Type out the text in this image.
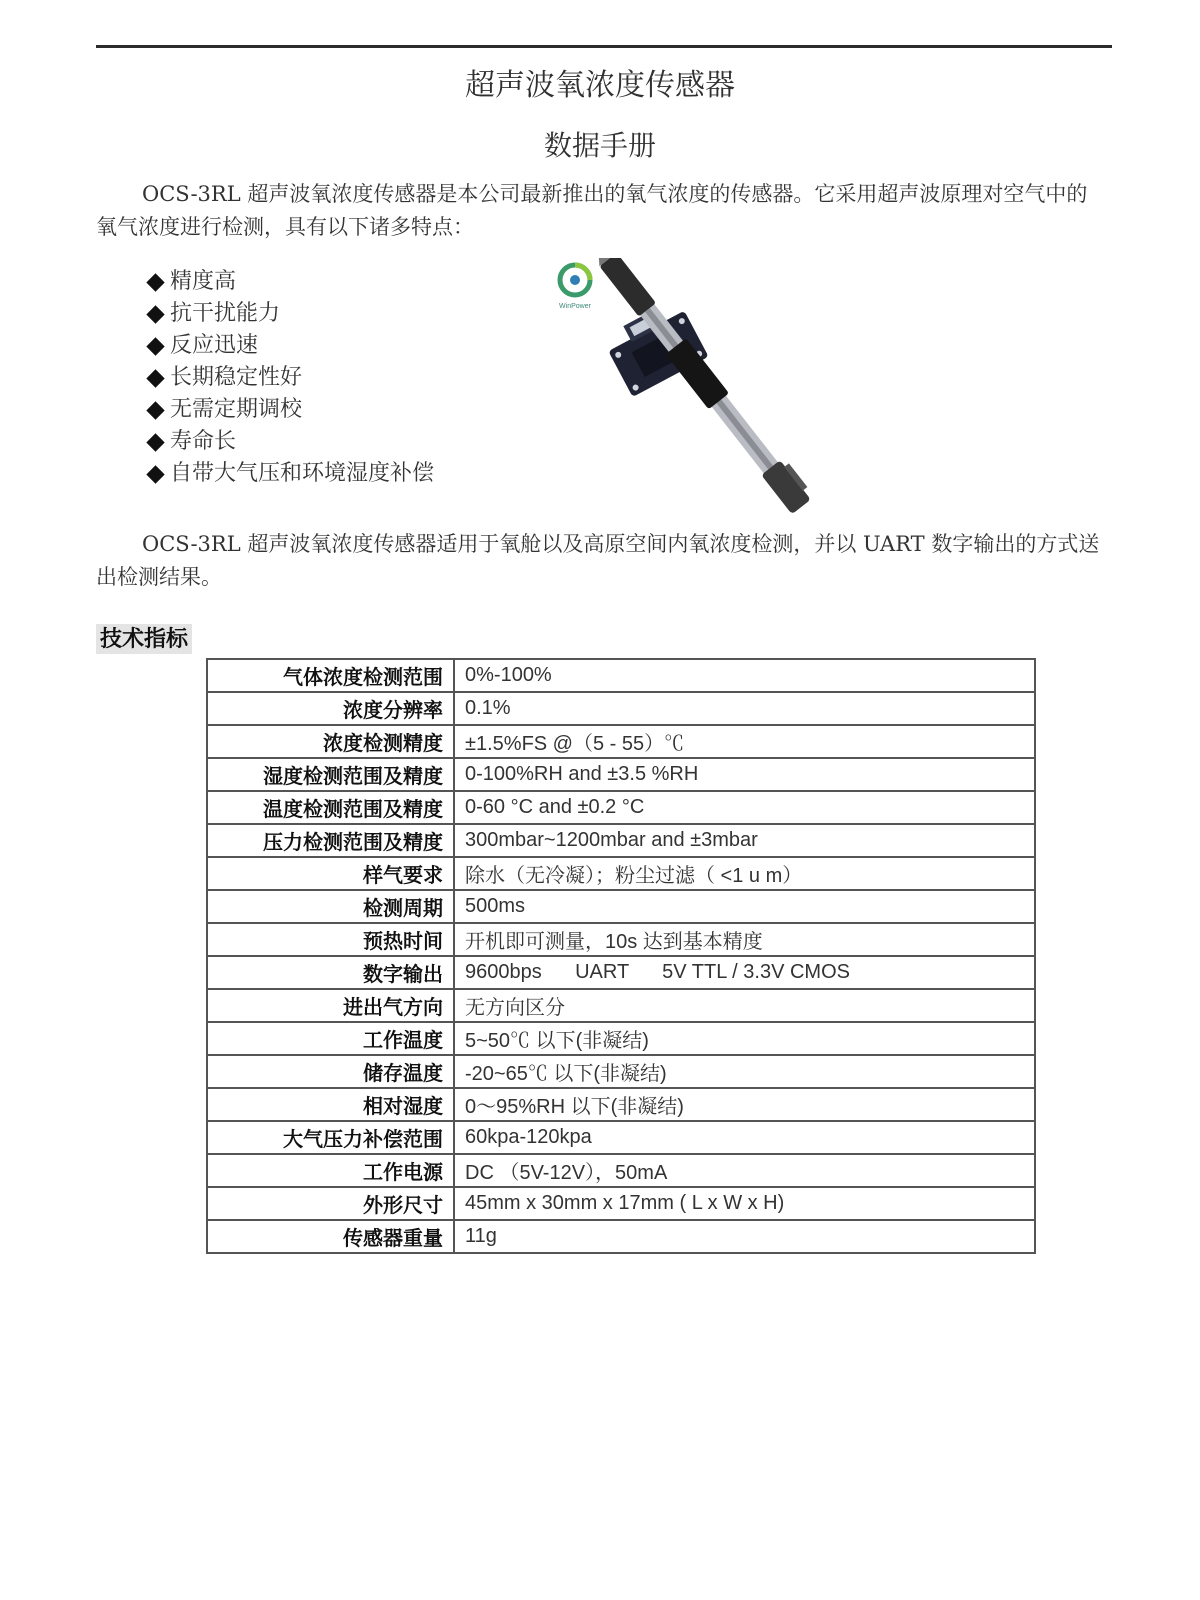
超声波氧浓度传感器
数据手册

OCS-3RL 超声波氧浓度传感器是本公司最新推出的氧气浓度的传感器。它采用超声波原理对空气中的氧气浓度进行检测，具有以下诸多特点：

精度高
抗干扰能力
反应迅速
长期稳定性好
无需定期调校
寿命长
自带大气压和环境湿度补偿
WinPower

OCS-3RL 超声波氧浓度传感器适用于氧舱以及高原空间内氧浓度检测，并以 UART 数字输出的方式送出检测结果。

技术指标
气体浓度检测范围	0%-100%
浓度分辨率	0.1%
浓度检测精度	±1.5%FS @（5 - 55）℃
湿度检测范围及精度	0-100%RH and ±3.5 %RH
温度检测范围及精度	0-60 °C and ±0.2 °C
压力检测范围及精度	300mbar~1200mbar and ±3mbar
样气要求	除水（无冷凝）；粉尘过滤（ <1 u m）
检测周期	500ms
预热时间	开机即可测量，10s 达到基本精度
数字输出	9600bps      UART      5V TTL / 3.3V CMOS
进出气方向	无方向区分
工作温度	5~50℃ 以下(非凝结)
储存温度	-20~65℃ 以下(非凝结)
相对湿度	0～95%RH 以下(非凝结)
大气压力补偿范围	60kpa-120kpa
工作电源	DC （5V-12V），50mA
外形尺寸	45mm x 30mm x 17mm ( L x W x H)
传感器重量	11g
